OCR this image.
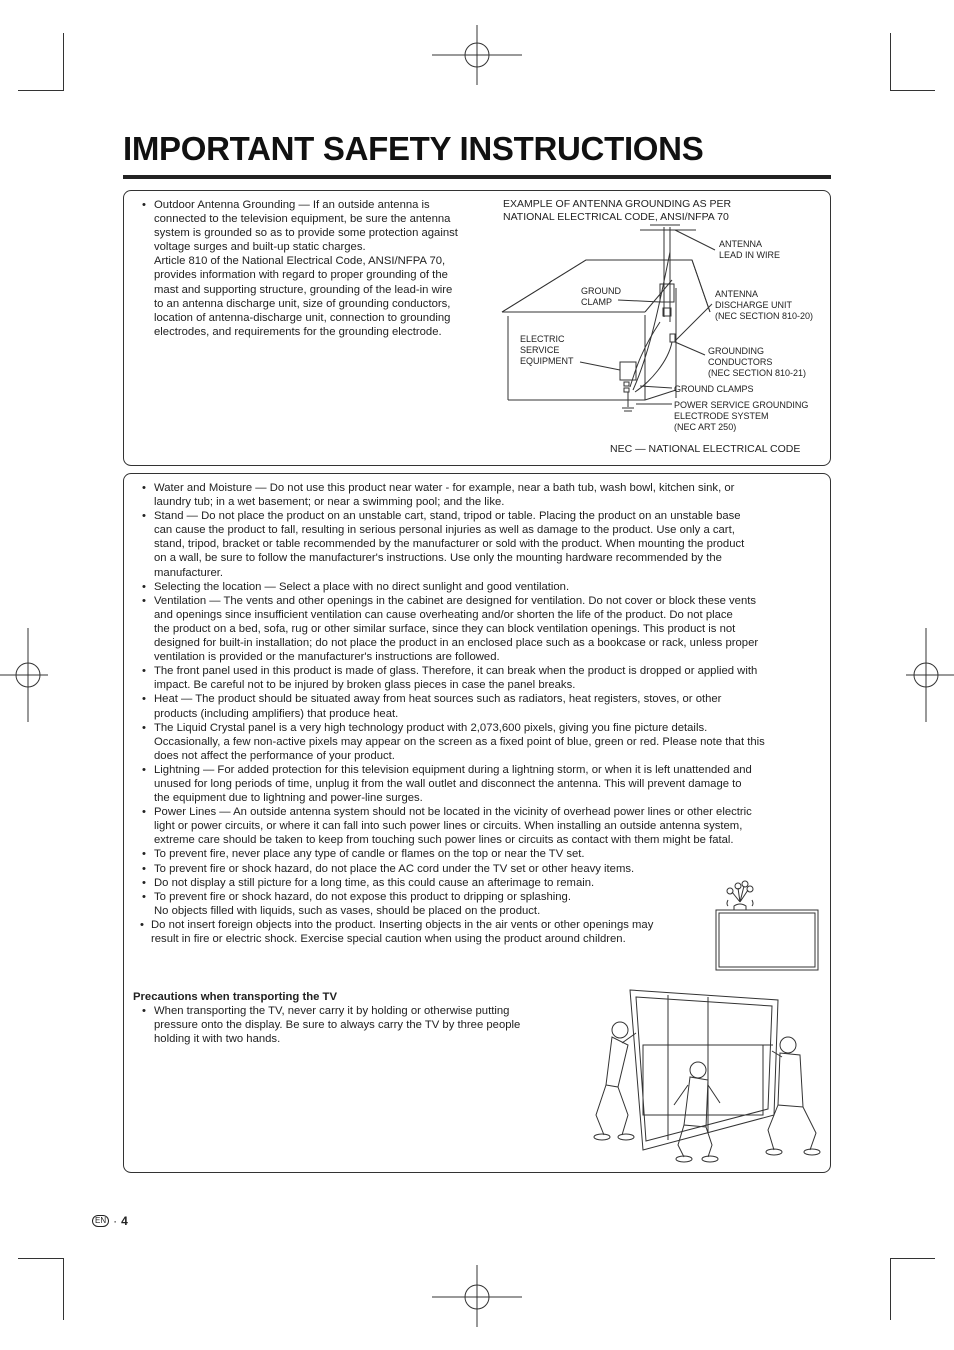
IMPORTANT SAFETY INSTRUCTIONS
• Outdoor Antenna Grounding — If an outside antenna is
connected to the television equipment, be sure the antenna
system is grounded so as to provide some protection against
voltage surges and built-up static charges.
Article 810 of the National Electrical Code, ANSI/NFPA 70,
provides information with regard to proper grounding of the
mast and supporting structure, grounding of the lead-in wire
to an antenna discharge unit, size of grounding conductors,
location of antenna-discharge unit, connection to grounding
electrodes, and requirements for the grounding electrode.
EXAMPLE OF ANTENNA GROUNDING AS PER
NATIONAL ELECTRICAL CODE, ANSI/NFPA 70
ANTENNA
LEAD IN WIRE
GROUND
CLAMP
ANTENNA
DISCHARGE UNIT
(NEC SECTION 810-20)
ELECTRIC
SERVICE
EQUIPMENT
GROUNDING
CONDUCTORS
(NEC SECTION 810-21)
GROUND CLAMPS
POWER SERVICE GROUNDING
ELECTRODE SYSTEM
(NEC ART 250)
NEC — NATIONAL ELECTRICAL CODE
• Water and Moisture — Do not use this product near water - for example, near a bath tub, wash bowl, kitchen sink, or
laundry tub; in a wet basement; or near a swimming pool; and the like.
• Stand — Do not place the product on an unstable cart, stand, tripod or table. Placing the product on an unstable base
can cause the product to fall, resulting in serious personal injuries as well as damage to the product. Use only a cart,
stand, tripod, bracket or table recommended by the manufacturer or sold with the product. When mounting the product
on a wall, be sure to follow the manufacturer's instructions. Use only the mounting hardware recommended by the
manufacturer.
• Selecting the location — Select a place with no direct sunlight and good ventilation.
• Ventilation — The vents and other openings in the cabinet are designed for ventilation. Do not cover or block these vents
and openings since insufficient ventilation can cause overheating and/or shorten the life of the product. Do not place
the product on a bed, sofa, rug or other similar surface, since they can block ventilation openings. This product is not
designed for built-in installation; do not place the product in an enclosed place such as a bookcase or rack, unless proper
ventilation is provided or the manufacturer's instructions are followed.
• The front panel used in this product is made of glass. Therefore, it can break when the product is dropped or applied with
impact. Be careful not to be injured by broken glass pieces in case the panel breaks.
• Heat — The product should be situated away from heat sources such as radiators, heat registers, stoves, or other
products (including amplifiers) that produce heat.
• The Liquid Crystal panel is a very high technology product with 2,073,600 pixels, giving you fine picture details.
Occasionally, a few non-active pixels may appear on the screen as a fixed point of blue, green or red. Please note that this
does not affect the performance of your product.
• Lightning — For added protection for this television equipment during a lightning storm, or when it is left unattended and
unused for long periods of time, unplug it from the wall outlet and disconnect the antenna. This will prevent damage to
the equipment due to lightning and power-line surges.
• Power Lines — An outside antenna system should not be located in the vicinity of overhead power lines or other electric
light or power circuits, or where it can fall into such power lines or circuits. When installing an outside antenna system,
extreme care should be taken to keep from touching such power lines or circuits as contact with them might be fatal.
• To prevent fire, never place any type of candle or flames on the top or near the TV set.
• To prevent fire or shock hazard, do not place the AC cord under the TV set or other heavy items.
• Do not display a still picture for a long time, as this could cause an afterimage to remain.
• To prevent fire or shock hazard, do not expose this product to dripping or splashing.
No objects filled with liquids, such as vases, should be placed on the product.
• Do not insert foreign objects into the product. Inserting objects in the air vents or other openings may
result in fire or electric shock. Exercise special caution when using the product around children.

Precautions when transporting the TV

• When transporting the TV, never carry it by holding or otherwise putting
pressure onto the display. Be sure to always carry the TV by three people
holding it with two hands.
EN · 4
